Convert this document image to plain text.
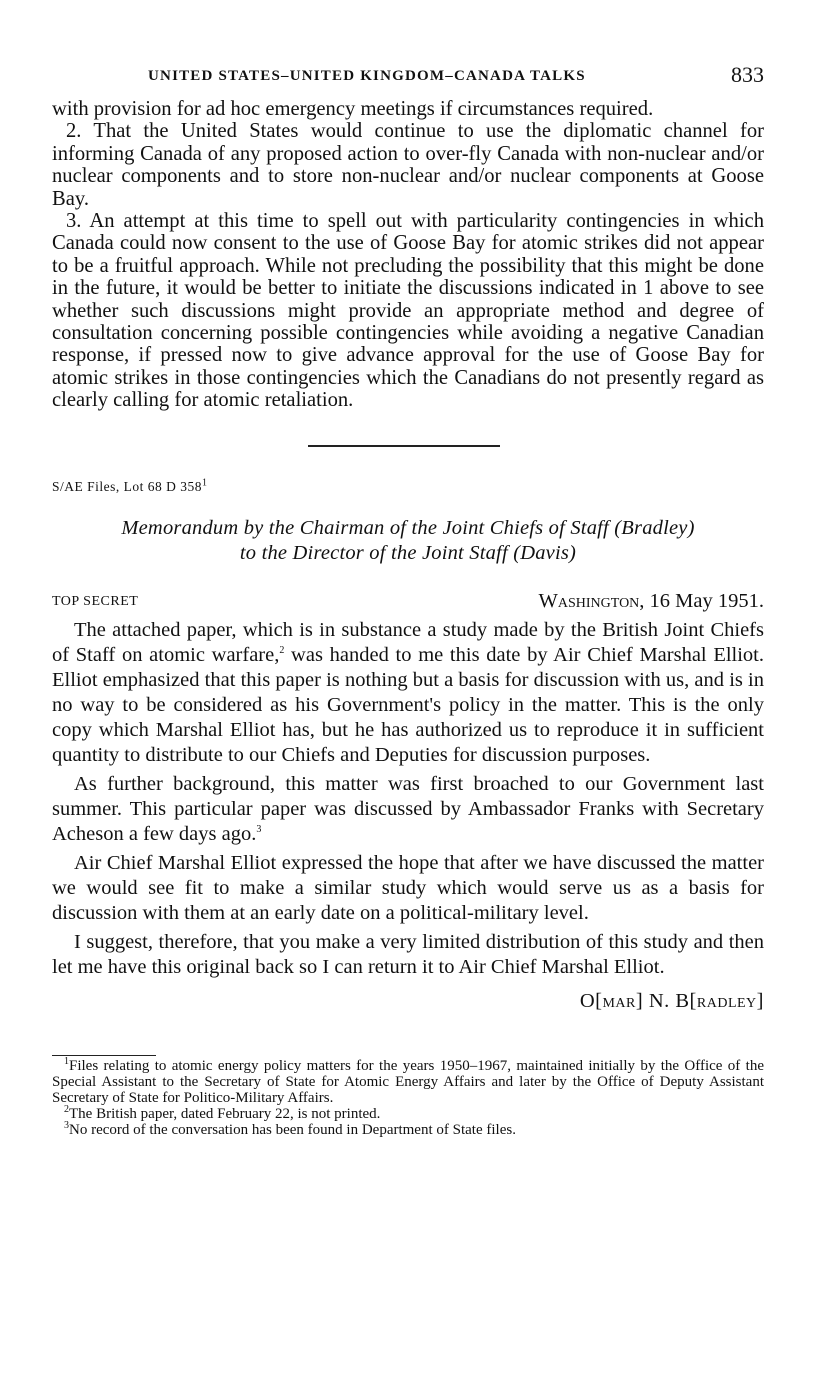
UNITED STATES–UNITED KINGDOM–CANADA TALKS	833

with provision for ad hoc emergency meetings if circumstances required.

2. That the United States would continue to use the diplomatic channel for informing Canada of any proposed action to over-fly Canada with non-nuclear and/or nuclear components and to store non-nuclear and/or nuclear components at Goose Bay.

3. An attempt at this time to spell out with particularity contingencies in which Canada could now consent to the use of Goose Bay for atomic strikes did not appear to be a fruitful approach. While not precluding the possibility that this might be done in the future, it would be better to initiate the discussions indicated in 1 above to see whether such discussions might provide an appropriate method and degree of consultation concerning possible contingencies while avoiding a negative Canadian response, if pressed now to give advance approval for the use of Goose Bay for atomic strikes in those contingencies which the Canadians do not presently regard as clearly calling for atomic retaliation.

S/AE Files, Lot 68 D $358^1$
Memorandum by the Chairman of the Joint Chiefs of Staff (Bradley)
to the Director of the Joint Staff (Davis)
TOP SECRET	Washington, 16 May 1951.

The attached paper, which is in substance a study made by the British Joint Chiefs of Staff on atomic warfare,$^2$ was handed to me this date by Air Chief Marshal Elliot. Elliot emphasized that this paper is nothing but a basis for discussion with us, and is in no way to be considered as his Government's policy in the matter. This is the only copy which Marshal Elliot has, but he has authorized us to reproduce it in sufficient quantity to distribute to our Chiefs and Deputies for discussion purposes.

As further background, this matter was first broached to our Government last summer. This particular paper was discussed by Ambassador Franks with Secretary Acheson a few days ago.$^3$

Air Chief Marshal Elliot expressed the hope that after we have discussed the matter we would see fit to make a similar study which would serve us as a basis for discussion with them at an early date on a political-military level.

I suggest, therefore, that you make a very limited distribution of this study and then let me have this original back so I can return it to Air Chief Marshal Elliot.

O[mar] N. B[radley]

$^1$Files relating to atomic energy policy matters for the years 1950–1967, maintained initially by the Office of the Special Assistant to the Secretary of State for Atomic Energy Affairs and later by the Office of Deputy Assistant Secretary of State for Politico-Military Affairs.

$^2$The British paper, dated February 22, is not printed.

$^3$No record of the conversation has been found in Department of State files.
